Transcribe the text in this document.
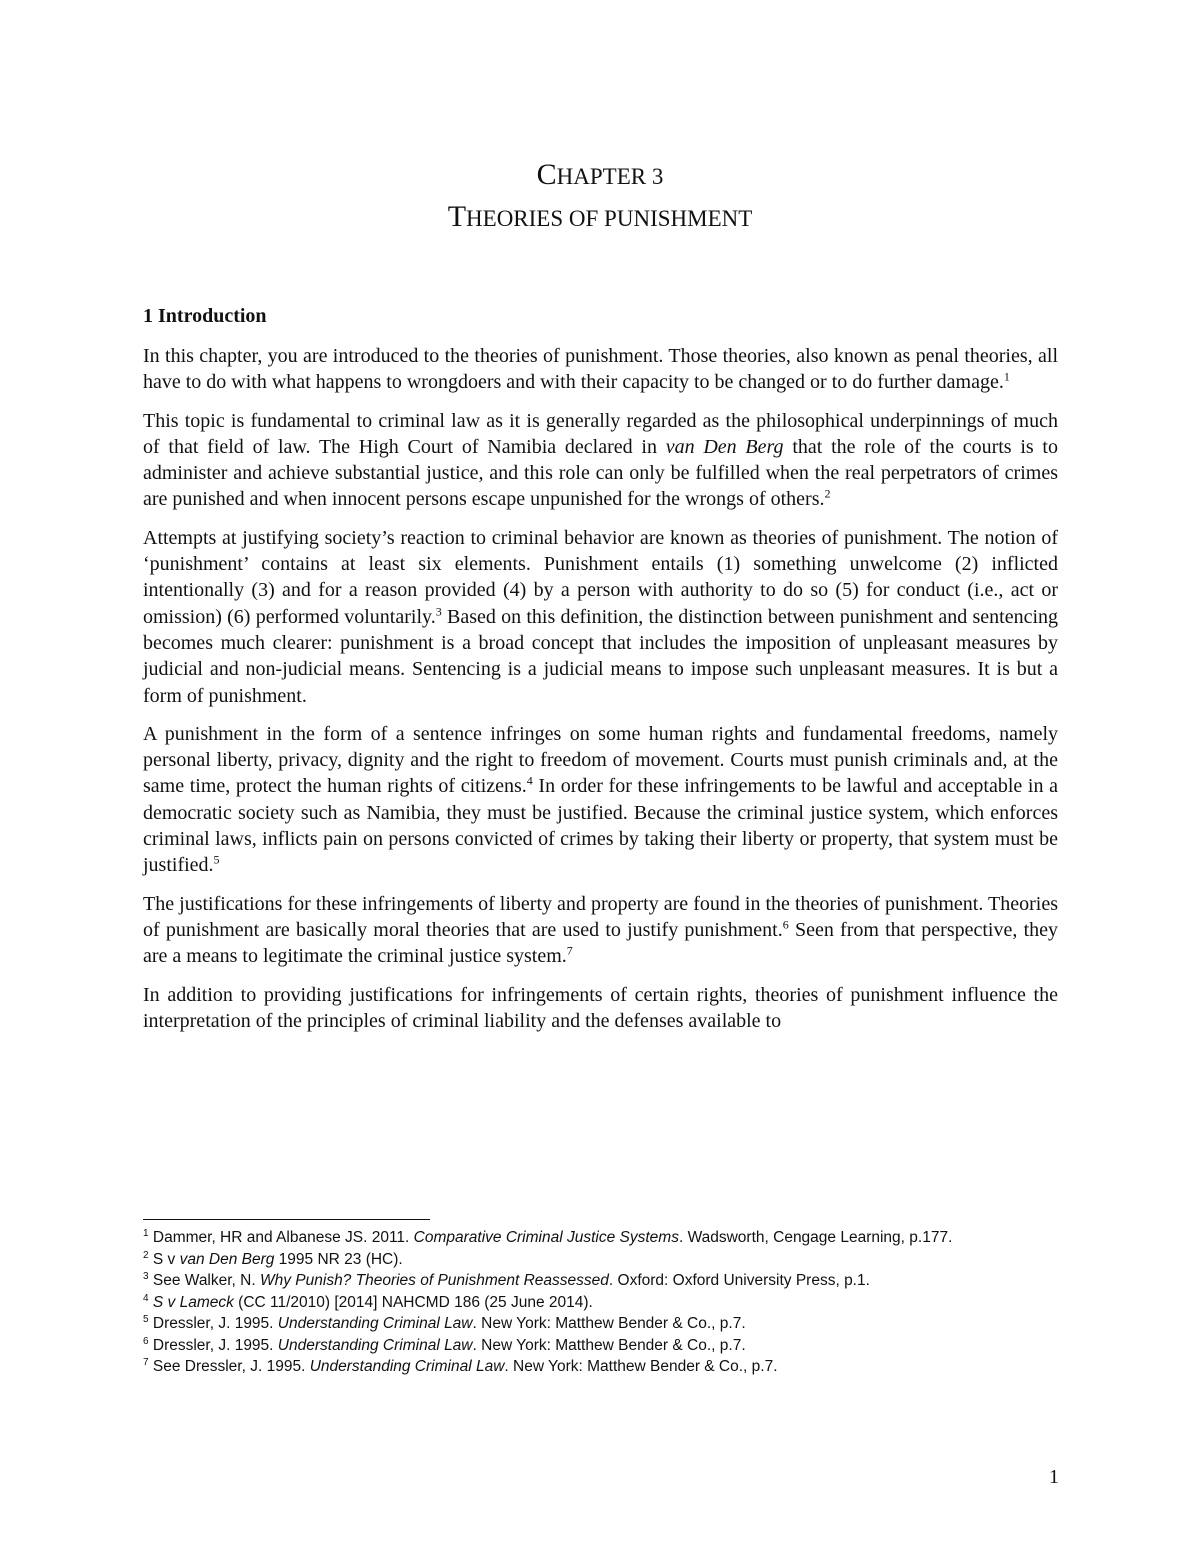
CHAPTER 3
THEORIES OF PUNISHMENT
1 Introduction

In this chapter, you are introduced to the theories of punishment. Those theories, also known as penal theories, all have to do with what happens to wrongdoers and with their capacity to be changed or to do further damage.$^1$

This topic is fundamental to criminal law as it is generally regarded as the philosophical underpinnings of much of that field of law. The High Court of Namibia declared in van Den Berg that the role of the courts is to administer and achieve substantial justice, and this role can only be fulfilled when the real perpetrators of crimes are punished and when innocent persons escape unpunished for the wrongs of others.$^2$

Attempts at justifying society’s reaction to criminal behavior are known as theories of punishment. The notion of ‘punishment’ contains at least six elements. Punishment entails (1) something unwelcome (2) inflicted intentionally (3) and for a reason provided (4) by a person with authority to do so (5) for conduct (i.e., act or omission) (6) performed voluntarily.$^3$ Based on this definition, the distinction between punishment and sentencing becomes much clearer: punishment is a broad concept that includes the imposition of unpleasant measures by judicial and non-judicial means. Sentencing is a judicial means to impose such unpleasant measures. It is but a form of punishment.

A punishment in the form of a sentence infringes on some human rights and fundamental freedoms, namely personal liberty, privacy, dignity and the right to freedom of movement. Courts must punish criminals and, at the same time, protect the human rights of citizens.$^4$ In order for these infringements to be lawful and acceptable in a democratic society such as Namibia, they must be justified. Because the criminal justice system, which enforces criminal laws, inflicts pain on persons convicted of crimes by taking their liberty or property, that system must be justified.$^5$

The justifications for these infringements of liberty and property are found in the theories of punishment. Theories of punishment are basically moral theories that are used to justify punishment.$^6$ Seen from that perspective, they are a means to legitimate the criminal justice system.$^7$

In addition to providing justifications for infringements of certain rights, theories of punishment influence the interpretation of the principles of criminal liability and the defenses available to

$^1$ Dammer, HR and Albanese JS. 2011. Comparative Criminal Justice Systems. Wadsworth, Cengage Learning, p.177.

$^2$ S v van Den Berg 1995 NR 23 (HC).

$^3$ See Walker, N. Why Punish? Theories of Punishment Reassessed. Oxford: Oxford University Press, p.1.

$^4$ S v Lameck (CC 11/2010) [2014] NAHCMD 186 (25 June 2014).

$^5$ Dressler, J. 1995. Understanding Criminal Law. New York: Matthew Bender & Co., p.7.

$^6$ Dressler, J. 1995. Understanding Criminal Law. New York: Matthew Bender & Co., p.7.

$^7$ See Dressler, J. 1995. Understanding Criminal Law. New York: Matthew Bender & Co., p.7.

1
